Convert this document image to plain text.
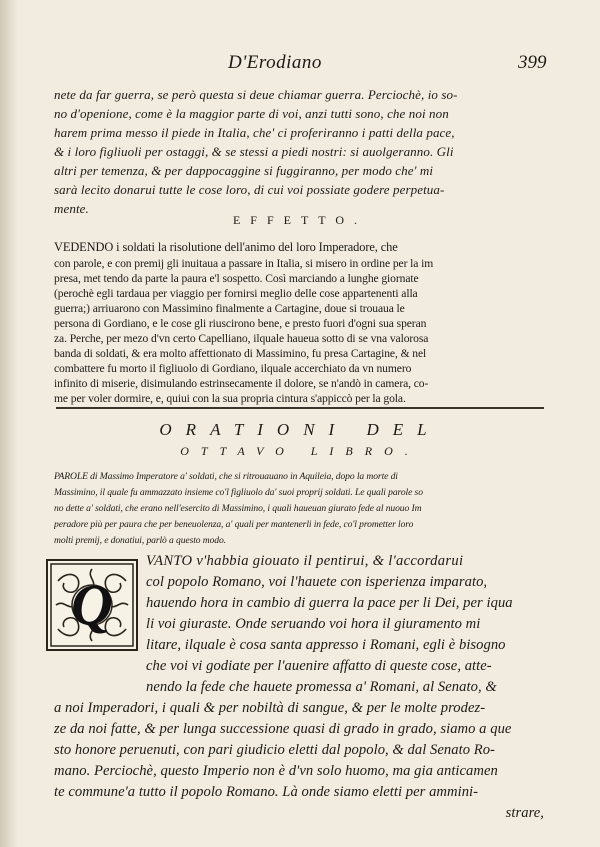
D'Erodiano	399
nete da far guerra, se però questa si deue chiamar guerra. Perciochè, io so-
no d'openione, come è la maggior parte di voi, anzi tutti sono, che noi non
harem prima messo il piede in Italia, che' ci proferiranno i patti della pace,
& i loro figliuoli per ostaggi, & se stessi a piedi nostri: si auolgeranno. Gli
altri per temenza, & per dappocaggine si fuggiranno, per modo che' mi
sarà lecito donarui tutte le cose loro, di cui voi possiate godere perpetua-
mente.
EFFETTO.
VEDENDO i soldati la risolutione dell'animo del loro Imperadore, che
con parole, e con premij gli inuitaua a passare in Italia, si misero in ordine per la im
presa, met tendo da parte la paura e'l sospetto. Così marciando a lunghe giornate
(perochè egli tardaua per viaggio per fornirsi meglio delle cose appartenenti alla
guerra;) arriuarono con Massimino finalmente a Cartagine, doue si trouaua le
persona di Gordiano, e le cose gli riuscirono bene, e presto fuori d'ogni sua speran
za. Perche, per mezo d'vn certo Capelliano, ilquale haueua sotto di se vna valorosa
banda di soldati, & era molto affettionato di Massimino, fu presa Cartagine, & nel
combattere fu morto il figliuolo di Gordiano, ilquale accerchiato da vn numero
infinito di miserie, disimulando estrinsecamente il dolore, se n'andò in camera, co-
me per voler dormire, e, quiui con la sua propria cintura s'appiccò per la gola.
ORATIONI DEL
OTTAVO LIBRO.
PAROLE di Massimo Imperatore a' soldati, che si ritrouauano in Aquileia, dopo la morte di
Massimino, il quale fu ammazzato insieme co'l figliuolo da' suoi proprij soldati. Le quali parole so
no dette a' soldati, che erano nell'esercito di Massimino, i quali haueuan giurato fede al nuouo Im
peradore più per paura che per beneuolenza, a' quali per mantenerli in fede, co'l prometter loro
molti premij, e donatiui, parlò a questo modo.
Q
VANTO v'habbia giouato il pentirui, & l'accordarui
col popolo Romano, voi l'hauete con isperienza imparato,
hauendo hora in cambio di guerra la pace per li Dei, per iqua
li voi giuraste. Onde seruando voi hora il giuramento mi
litare, ilquale è cosa santa appresso i Romani, egli è bisogno
che voi vi godiate per l'auenire affatto di queste cose, atte-
nendo la fede che hauete promessa a' Romani, al Senato, &
a noi Imperadori, i quali & per nobiltà di sangue, & per le molte prodez-
ze da noi fatte, & per lunga successione quasi di grado in grado, siamo a que
sto honore peruenuti, con pari giudicio eletti dal popolo, & dal Senato Ro-
mano. Perciochè, questo Imperio non è d'vn solo huomo, ma gia anticamen
te commune'a tutto il popolo Romano. Là onde siamo eletti per ammini-
strare,
